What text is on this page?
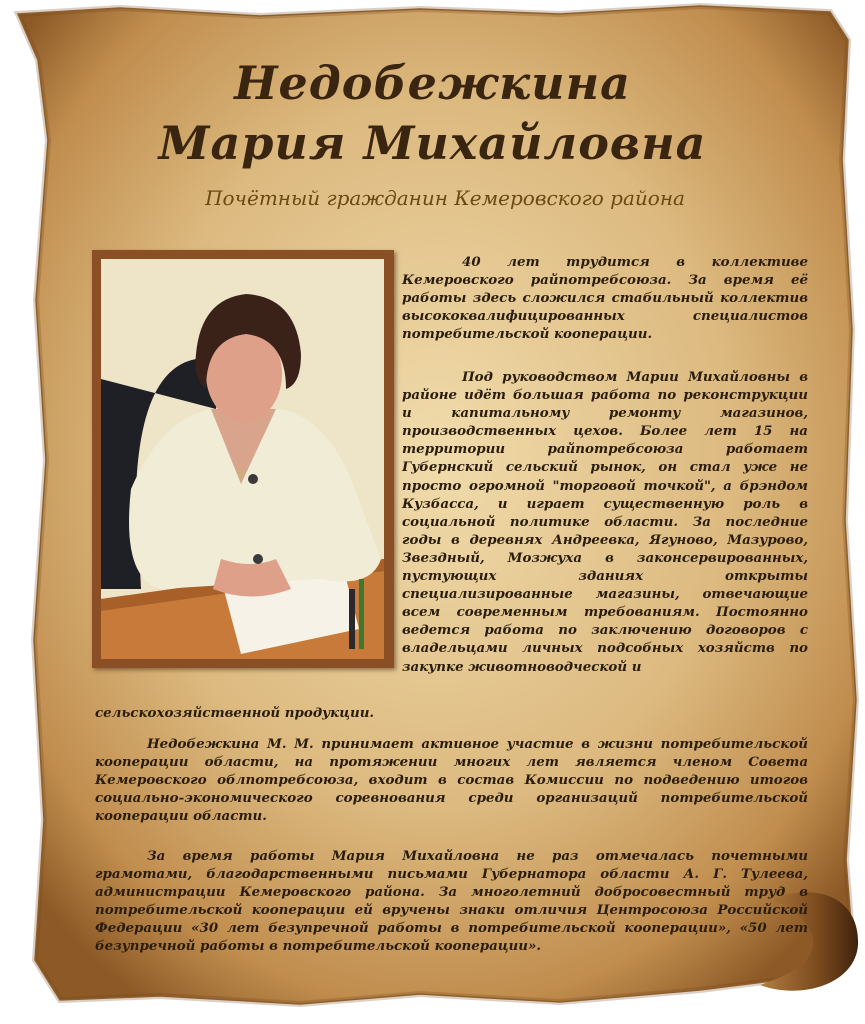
Недобежкина
Мария Михайловна
Почётный гражданин Кемеровского района

40 лет трудится в коллективе Кемеровского райпотребсоюза. За время её работы здесь сложился стабильный коллектив высококвалифицированных специалистов потребительской кооперации.

Под руководством Марии Михайловны в районе идёт большая работа по реконструкции и капитальному ремонту магазинов, производственных цехов. Более лет 15 на территории райпотребсоюза работает Губернский сельский рынок, он стал уже не просто огромной "торговой точкой", а брэндом Кузбасса, и играет существенную роль в социальной политике области. За последние годы в деревнях Андреевка, Ягуново, Мазурово, Звездный, Мозжуха в законсервированных, пустующих зданиях открыты специализированные магазины, отвечающие всем современным требованиям. Постоянно ведется работа по заключению договоров с владельцами личных подсобных хозяйств по закупке животноводческой и

сельскохозяйственной продукции.

Недобежкина М. М. принимает активное участие в жизни потребительской кооперации области, на протяжении многих лет является членом Совета Кемеровского облпотребсоюза, входит в состав Комиссии по подведению итогов социально-экономического соревнования среди организаций потребительской кооперации области.

За время работы Мария Михайловна не раз отмечалась почетными грамотами, благодарственными письмами Губернатора области А. Г. Тулеева, администрации Кемеровского района. За многолетний добросовестный труд в потребительской кооперации ей вручены знаки отличия Центросоюза Российской Федерации «30 лет безупречной работы в потребительской кооперации», «50 лет безупречной работы в потребительской кооперации».
